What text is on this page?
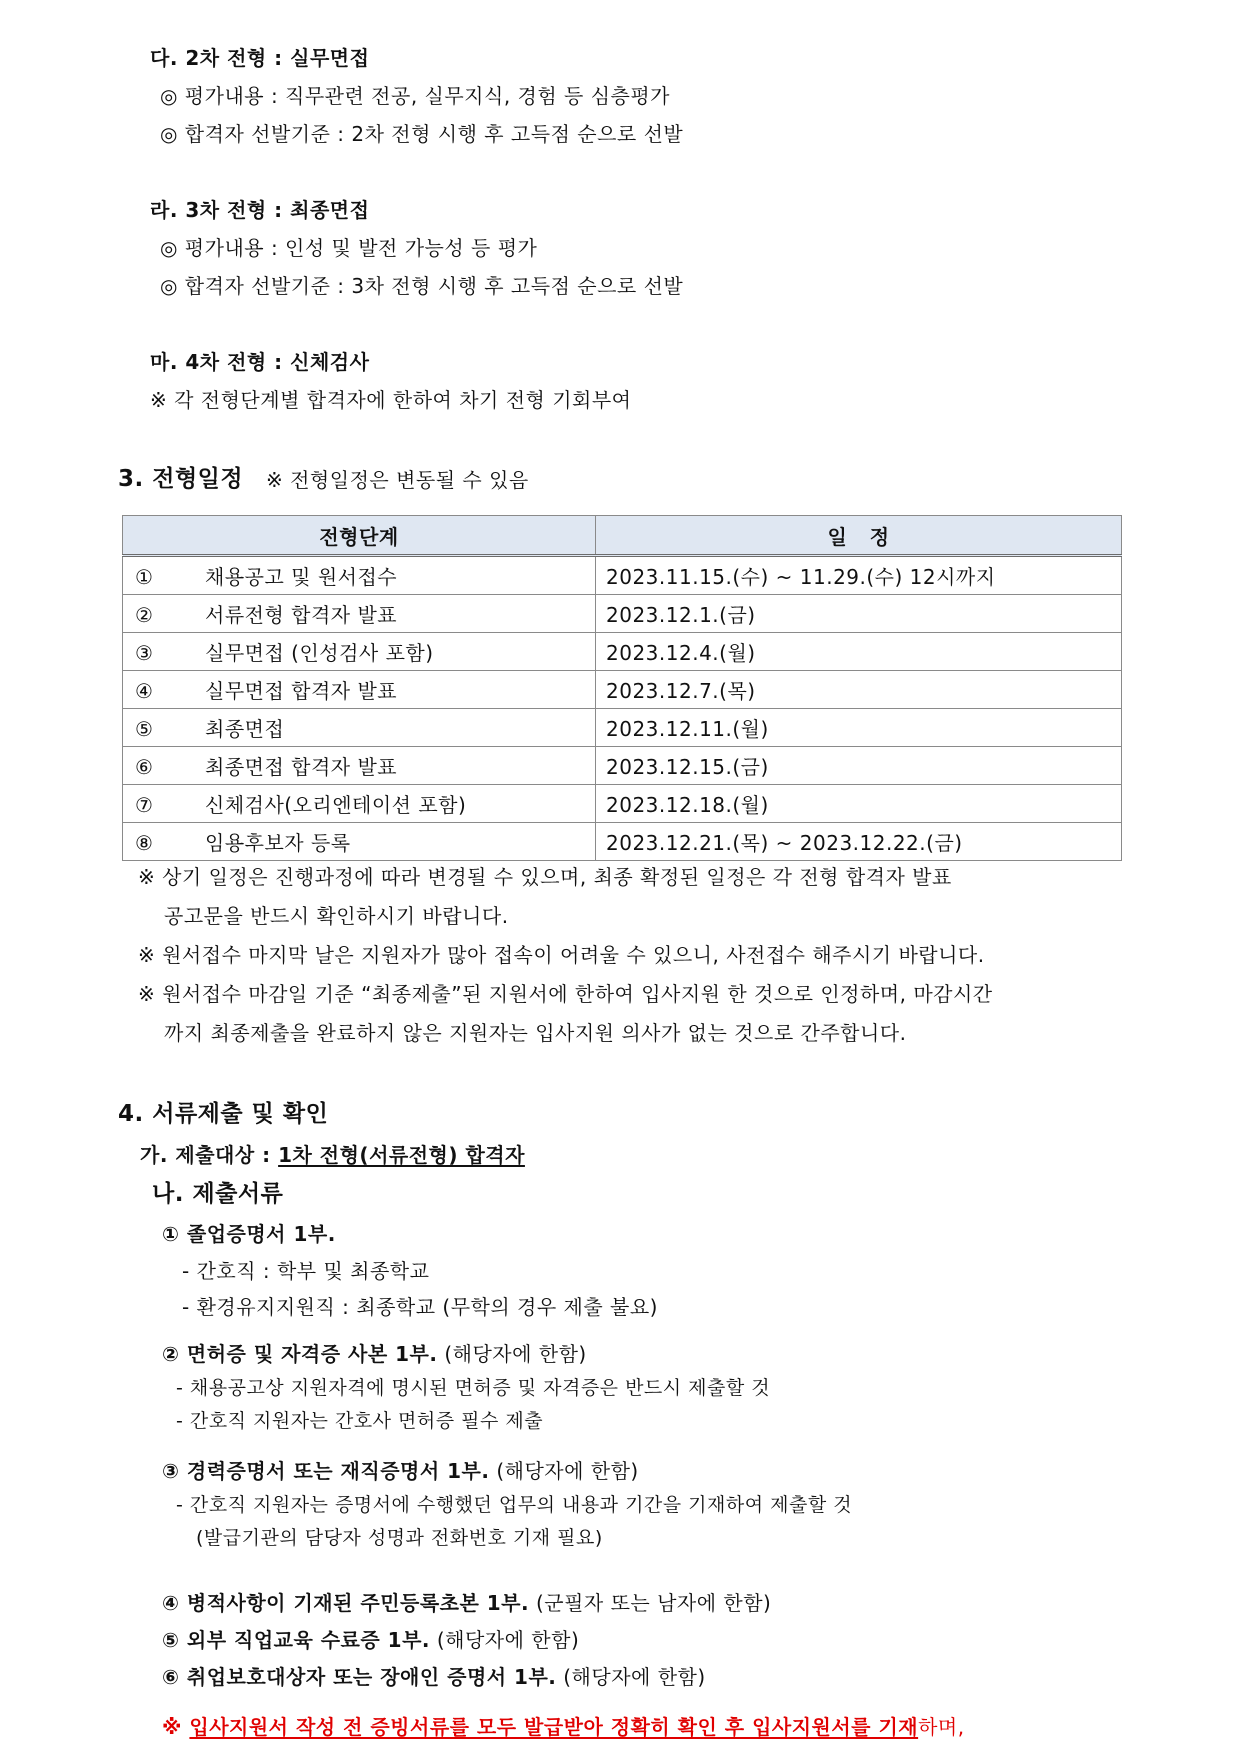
다. 2차 전형 : 실무면접
◎ 평가내용 : 직무관련 전공, 실무지식, 경험 등 심층평가
◎ 합격자 선발기준 : 2차 전형 시행 후 고득점 순으로 선발
라. 3차 전형 : 최종면접
◎ 평가내용 : 인성 및 발전 가능성 등 평가
◎ 합격자 선발기준 : 3차 전형 시행 후 고득점 순으로 선발
마. 4차 전형 : 신체검사
※ 각 전형단계별 합격자에 한하여 차기 전형 기회부여
3. 전형일정 ※ 전형일정은 변동될 수 있음
전형단계	일   정
① 채용공고 및 원서접수	2023.11.15.(수) ~ 11.29.(수) 12시까지
② 서류전형 합격자 발표	2023.12.1.(금)
③ 실무면접 (인성검사 포함)	2023.12.4.(월)
④ 실무면접 합격자 발표	2023.12.7.(목)
⑤ 최종면접	2023.12.11.(월)
⑥ 최종면접 합격자 발표	2023.12.15.(금)
⑦ 신체검사(오리엔테이션 포함)	2023.12.18.(월)
⑧ 임용후보자 등록	2023.12.21.(목) ~ 2023.12.22.(금)
※ 상기 일정은 진행과정에 따라 변경될 수 있으며, 최종 확정된 일정은 각 전형 합격자 발표
공고문을 반드시 확인하시기 바랍니다.
※ 원서접수 마지막 날은 지원자가 많아 접속이 어려울 수 있으니, 사전접수 해주시기 바랍니다.
※ 원서접수 마감일 기준 “최종제출”된 지원서에 한하여 입사지원 한 것으로 인정하며, 마감시간
까지 최종제출을 완료하지 않은 지원자는 입사지원 의사가 없는 것으로 간주합니다.
4. 서류제출 및 확인
가. 제출대상 : 1차 전형(서류전형) 합격자
나. 제출서류
① 졸업증명서 1부.
- 간호직 : 학부 및 최종학교
- 환경유지지원직 : 최종학교 (무학의 경우 제출 불요)
② 면허증 및 자격증 사본 1부. (해당자에 한함)
- 채용공고상 지원자격에 명시된 면허증 및 자격증은 반드시 제출할 것
- 간호직 지원자는 간호사 면허증 필수 제출
③ 경력증명서 또는 재직증명서 1부. (해당자에 한함)
- 간호직 지원자는 증명서에 수행했던 업무의 내용과 기간을 기재하여 제출할 것
(발급기관의 담당자 성명과 전화번호 기재 필요)
④ 병적사항이 기재된 주민등록초본 1부. (군필자 또는 남자에 한함)
⑤ 외부 직업교육 수료증 1부. (해당자에 한함)
⑥ 취업보호대상자 또는 장애인 증명서 1부. (해당자에 한함)
※ 입사지원서 작성 전 증빙서류를 모두 발급받아 정확히 확인 후 입사지원서를 기재하며,
